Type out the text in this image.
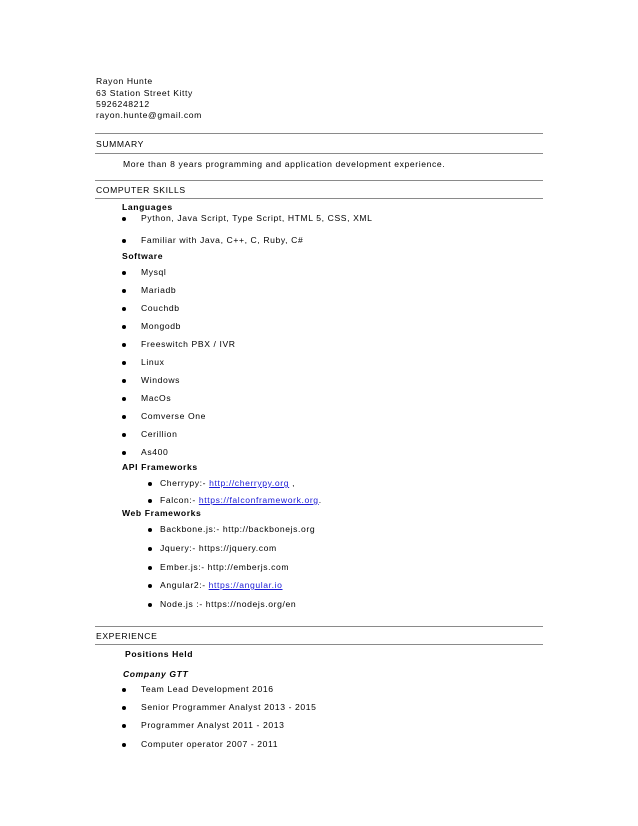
Rayon Hunte
63 Station Street Kitty
5926248212
rayon.hunte@gmail.com
SUMMARY
More than 8 years programming and application development experience.
COMPUTER SKILLS
Languages
Python, Java Script, Type Script, HTML 5, CSS, XML
Familiar with Java, C++, C, Ruby, C#
Software
Mysql
Mariadb
Couchdb
Mongodb
Freeswitch PBX / IVR
Linux
Windows
MacOs
Comverse One
Cerillion
As400
API Frameworks
Cherrypy:- http://cherrypy.org ,
Falcon:- https://falconframework.org.
Web Frameworks
Backbone.js:- http://backbonejs.org
Jquery:- https://jquery.com
Ember.js:- http://emberjs.com
Angular2:- https://angular.io
Node.js :- https://nodejs.org/en
EXPERIENCE
Positions Held
Company GTT
Team Lead Development 2016
Senior Programmer Analyst 2013 - 2015
Programmer Analyst 2011 - 2013
Computer operator 2007 - 2011
